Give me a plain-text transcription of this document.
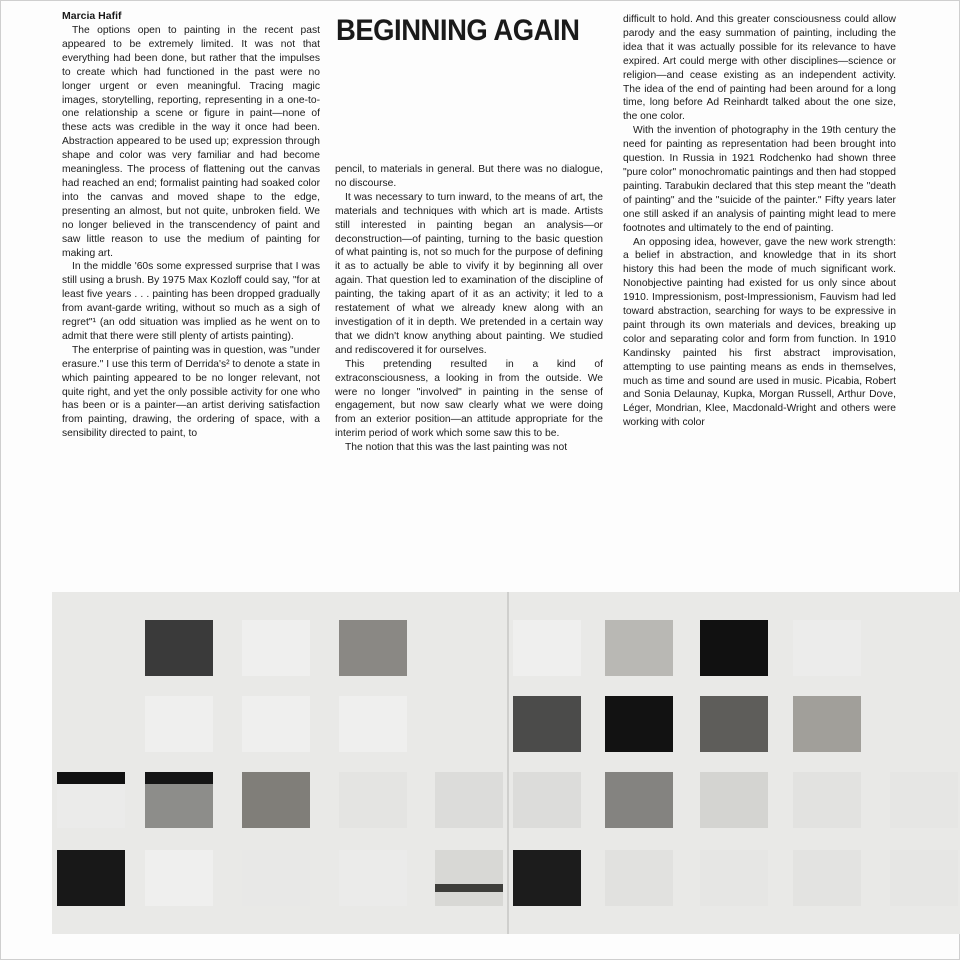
Marcia Hafif	BEGINNING AGAIN

The options open to painting in the recent past appeared to be extremely limited. It was not that everything had been done, but rather that the impulses to create which had functioned in the past were no longer urgent or even meaningful. Tracing magic images, storytelling, reporting, representing in a one-to-one relationship a scene or figure in paint—none of these acts was credible in the way it once had been. Abstraction appeared to be used up; expression through shape and color was very familiar and had become meaningless. The process of flattening out the canvas had reached an end; formalist painting had soaked color into the canvas and moved shape to the edge, presenting an almost, but not quite, unbroken field. We no longer believed in the transcendency of paint and saw little reason to use the medium of painting for making art.

In the middle '60s some expressed surprise that I was still using a brush. By 1975 Max Kozloff could say, "for at least five years . . . painting has been dropped gradually from avant-garde writing, without so much as a sigh of regret"¹ (an odd situation was implied as he went on to admit that there were still plenty of artists painting).

The enterprise of painting was in question, was "under erasure." I use this term of Derrida's² to denote a state in which painting appeared to be no longer relevant, not quite right, and yet the only possible activity for one who has been or is a painter—an artist deriving satisfaction from painting, drawing, the ordering of space, with a sensibility directed to paint, to

pencil, to materials in general. But there was no dialogue, no discourse.

It was necessary to turn inward, to the means of art, the materials and techniques with which art is made. Artists still interested in painting began an analysis—or deconstruction—of painting, turning to the basic question of what painting is, not so much for the purpose of defining it as to actually be able to vivify it by beginning all over again. That question led to examination of the discipline of painting, the taking apart of it as an activity; it led to a restatement of what we already knew along with an investigation of it in depth. We pretended in a certain way that we didn't know anything about painting. We studied and rediscovered it for ourselves.

This pretending resulted in a kind of extraconsciousness, a looking in from the outside. We were no longer "involved" in painting in the sense of engagement, but now saw clearly what we were doing from an exterior position—an attitude appropriate for the interim period of work which some saw this to be.

The notion that this was the last painting was not

difficult to hold. And this greater consciousness could allow parody and the easy summation of painting, including the idea that it was actually possible for its relevance to have expired. Art could merge with other disciplines—science or religion—and cease existing as an independent activity. The idea of the end of painting had been around for a long time, long before Ad Reinhardt talked about the one size, the one color.

With the invention of photography in the 19th century the need for painting as representation had been brought into question. In Russia in 1921 Rodchenko had shown three "pure color" monochromatic paintings and then had stopped painting. Tarabukin declared that this step meant the "death of painting" and the "suicide of the painter." Fifty years later one still asked if an analysis of painting might lead to mere footnotes and ultimately to the end of painting.

An opposing idea, however, gave the new work strength: a belief in abstraction, and knowledge that in its short history this had been the mode of much significant work. Nonobjective painting had existed for us only since about 1910. Impressionism, post-Impressionism, Fauvism had led toward abstraction, searching for ways to be expressive in paint through its own materials and devices, breaking up color and separating color and form from function. In 1910 Kandinsky painted his first abstract improvisation, attempting to use painting means as ends in themselves, much as time and sound are used in music. Picabia, Robert and Sonia Delaunay, Kupka, Morgan Russell, Arthur Dove, Léger, Mondrian, Klee, Macdonald-Wright and others were working with color
